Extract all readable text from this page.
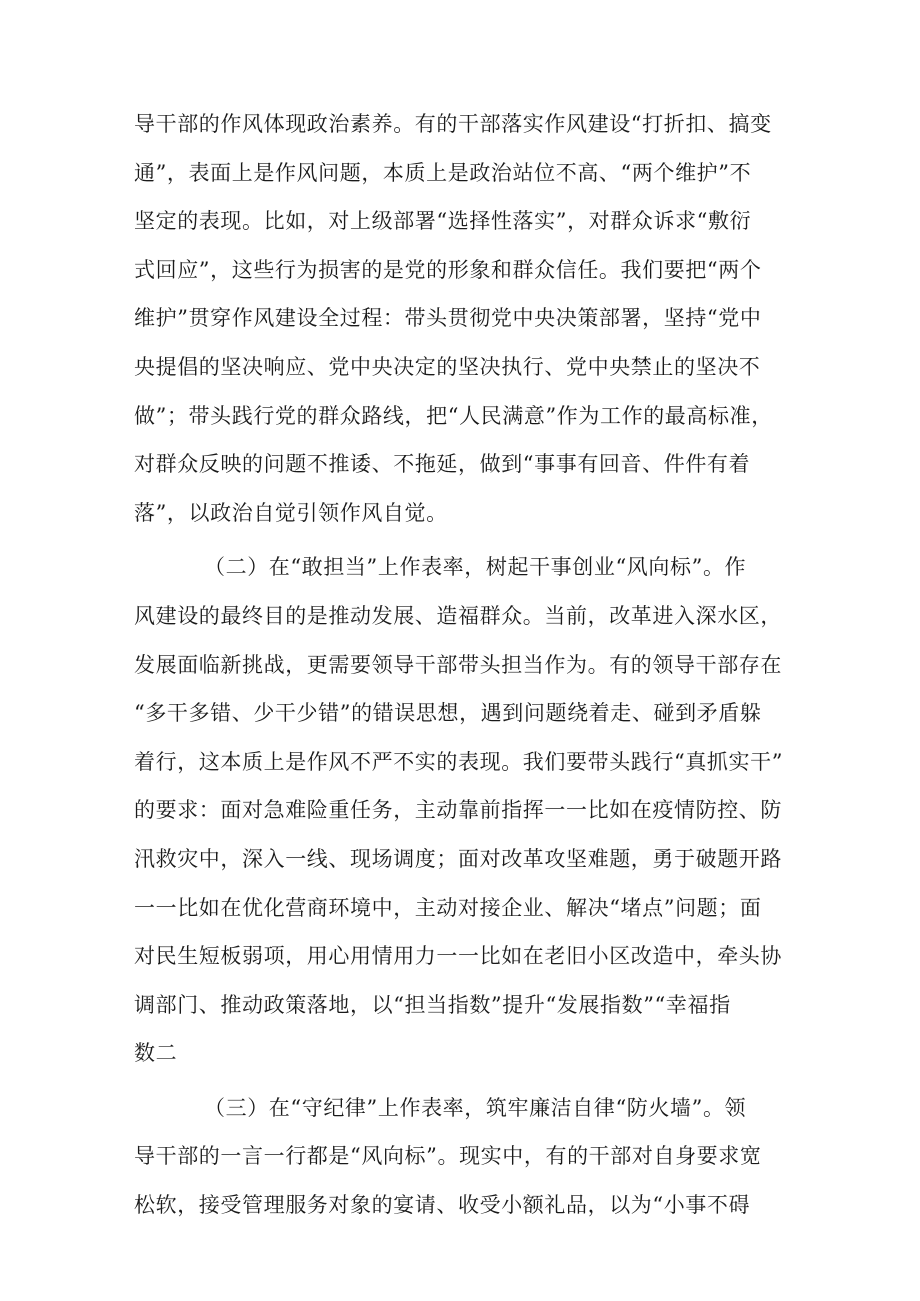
导干部的作风体现政治素养。有的干部落实作风建设“打折扣、搞变
通”，表面上是作风问题，本质上是政治站位不高、“两个维护”不
坚定的表现。比如，对上级部署“选择性落实”，对群众诉求“敷衍
式回应”，这些行为损害的是党的形象和群众信任。我们要把“两个
维护”贯穿作风建设全过程：带头贯彻党中央决策部署，坚持“党中
央提倡的坚决响应、党中央决定的坚决执行、党中央禁止的坚决不
做”；带头践行党的群众路线，把“人民满意”作为工作的最高标准，
对群众反映的问题不推诿、不拖延，做到“事事有回音、件件有着
落”，以政治自觉引领作风自觉。
（二）在“敢担当”上作表率，树起干事创业“风向标”。作
风建设的最终目的是推动发展、造福群众。当前，改革进入深水区，
发展面临新挑战，更需要领导干部带头担当作为。有的领导干部存在
“多干多错、少干少错”的错误思想，遇到问题绕着走、碰到矛盾躲
着行，这本质上是作风不严不实的表现。我们要带头践行“真抓实干”
的要求：面对急难险重任务，主动靠前指挥一一比如在疫情防控、防
汛救灾中，深入一线、现场调度；面对改革攻坚难题，勇于破题开路
一一比如在优化营商环境中，主动对接企业、解决“堵点”问题；面
对民生短板弱项，用心用情用力一一比如在老旧小区改造中，牵头协
调部门、推动政策落地，以“担当指数”提升“发展指数”“幸福指
数二
（三）在“守纪律”上作表率，筑牢廉洁自律“防火墙”。领
导干部的一言一行都是“风向标”。现实中，有的干部对自身要求宽
松软，接受管理服务对象的宴请、收受小额礼品，以为“小事不碍
